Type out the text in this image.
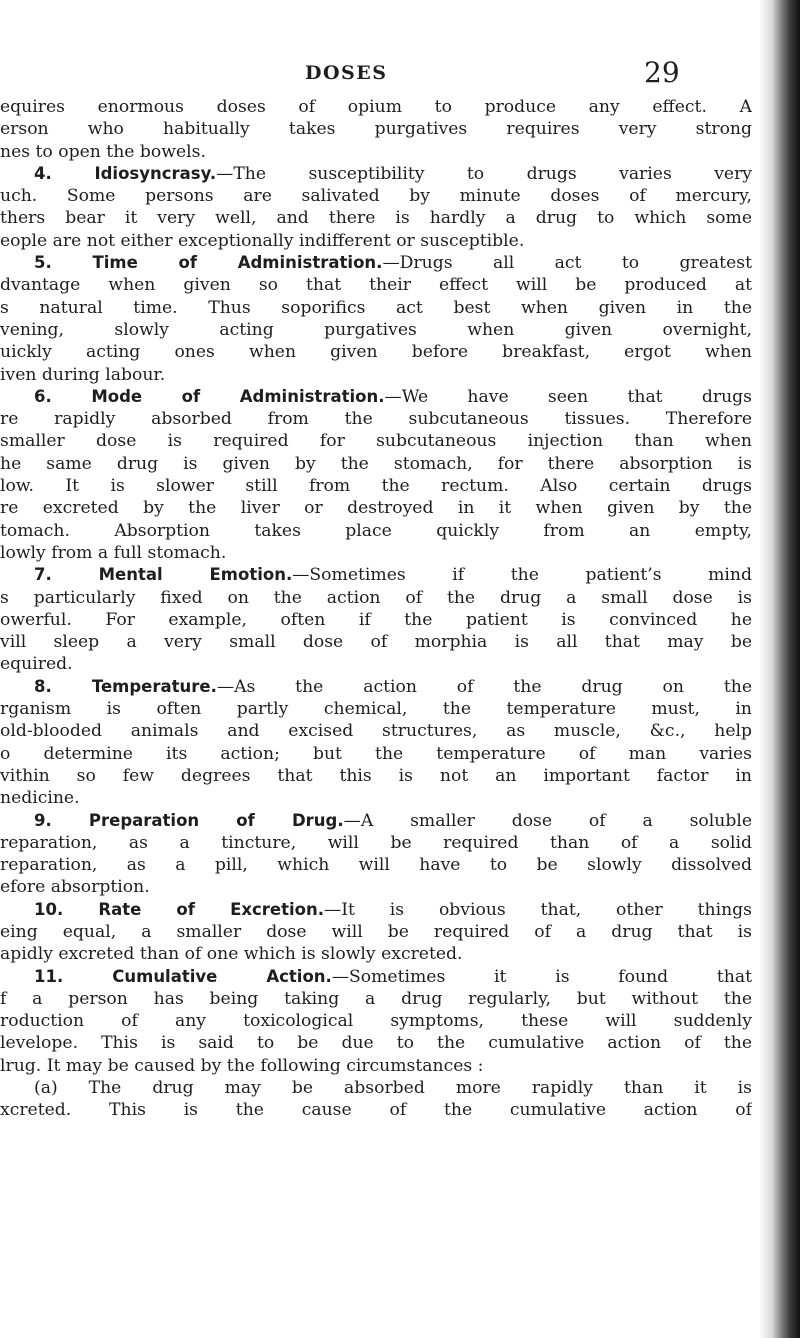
DOSES	29
equires enormous doses of opium to produce any effect. A
erson who habitually takes purgatives requires very strong
nes to open the bowels.
4. Idiosyncrasy.—The susceptibility to drugs varies very
uch. Some persons are salivated by minute doses of mercury,
thers bear it very well, and there is hardly a drug to which some
eople are not either exceptionally indifferent or susceptible.
5. Time of Administration.—Drugs all act to greatest
dvantage when given so that their effect will be produced at
s natural time. Thus soporifics act best when given in the
vening, slowly acting purgatives when given overnight,
uickly acting ones when given before breakfast, ergot when
iven during labour.
6. Mode of Administration.—We have seen that drugs
re rapidly absorbed from the subcutaneous tissues. Therefore
smaller dose is required for subcutaneous injection than when
he same drug is given by the stomach, for there absorption is
low. It is slower still from the rectum. Also certain drugs
re excreted by the liver or destroyed in it when given by the
tomach. Absorption takes place quickly from an empty,
lowly from a full stomach.
7. Mental Emotion.—Sometimes if the patient’s mind
s particularly fixed on the action of the drug a small dose is
owerful. For example, often if the patient is convinced he
vill sleep a very small dose of morphia is all that may be
equired.
8. Temperature.—As the action of the drug on the
rganism is often partly chemical, the temperature must, in
old-blooded animals and excised structures, as muscle, &c., help
o determine its action; but the temperature of man varies
vithin so few degrees that this is not an important factor in
nedicine.
9. Preparation of Drug.—A smaller dose of a soluble
reparation, as a tincture, will be required than of a solid
reparation, as a pill, which will have to be slowly dissolved
efore absorption.
10. Rate of Excretion.—It is obvious that, other things
eing equal, a smaller dose will be required of a drug that is
apidly excreted than of one which is slowly excreted.
11. Cumulative Action.—Sometimes it is found that
f a person has being taking a drug regularly, but without the
roduction of any toxicological symptoms, these will suddenly
levelope. This is said to be due to the cumulative action of the
lrug. It may be caused by the following circumstances :
(a) The drug may be absorbed more rapidly than it is
xcreted. This is the cause of the cumulative action of
